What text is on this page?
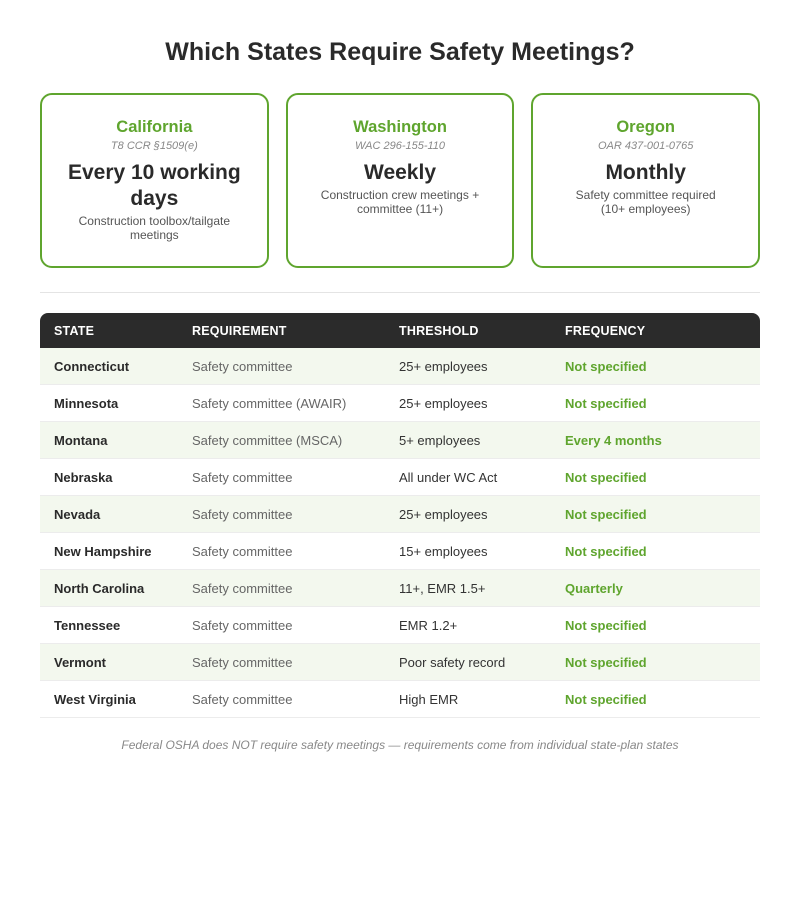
Which States Require Safety Meetings?
California
T8 CCR §1509(e)
Every 10 working days
Construction toolbox/tailgate meetings
Washington
WAC 296-155-110
Weekly
Construction crew meetings + committee (11+)
Oregon
OAR 437-001-0765
Monthly
Safety committee required (10+ employees)
STATE	REQUIREMENT	THRESHOLD	FREQUENCY
Connecticut	Safety committee	25+ employees	Not specified
Minnesota	Safety committee (AWAIR)	25+ employees	Not specified
Montana	Safety committee (MSCA)	5+ employees	Every 4 months
Nebraska	Safety committee	All under WC Act	Not specified
Nevada	Safety committee	25+ employees	Not specified
New Hampshire	Safety committee	15+ employees	Not specified
North Carolina	Safety committee	11+, EMR 1.5+	Quarterly
Tennessee	Safety committee	EMR 1.2+	Not specified
Vermont	Safety committee	Poor safety record	Not specified
West Virginia	Safety committee	High EMR	Not specified

Federal OSHA does NOT require safety meetings — requirements come from individual state-plan states
